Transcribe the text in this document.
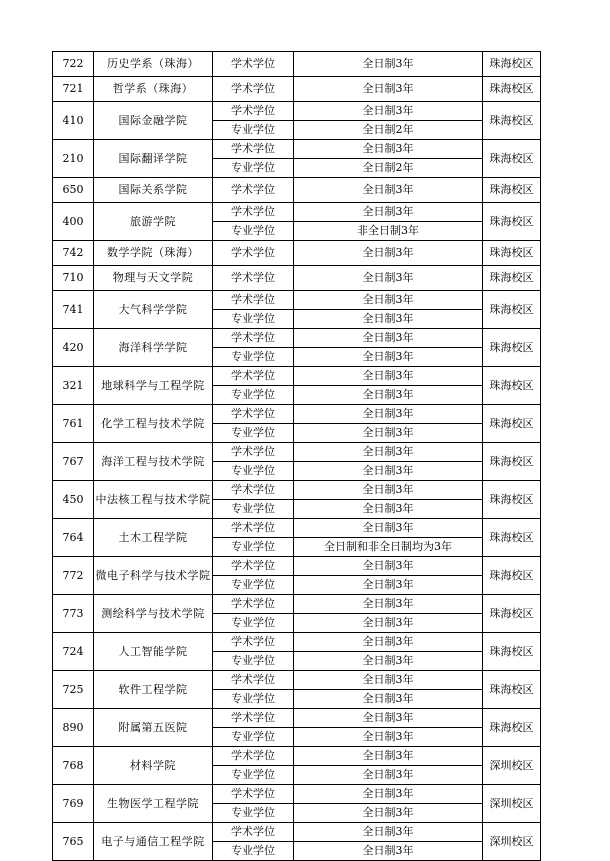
722	历史学系（珠海）	学术学位	全日制3年	珠海校区
721	哲学系（珠海）	学术学位	全日制3年	珠海校区
410	国际金融学院	学术学位	全日制3年	珠海校区
		专业学位	全日制2年	
210	国际翻译学院	学术学位	全日制3年	珠海校区
		专业学位	全日制2年	
650	国际关系学院	学术学位	全日制3年	珠海校区
400	旅游学院	学术学位	全日制3年	珠海校区
		专业学位	非全日制3年	
742	数学学院（珠海）	学术学位	全日制3年	珠海校区
710	物理与天文学院	学术学位	全日制3年	珠海校区
741	大气科学学院	学术学位	全日制3年	珠海校区
		专业学位	全日制3年	
420	海洋科学学院	学术学位	全日制3年	珠海校区
		专业学位	全日制3年	
321	地球科学与工程学院	学术学位	全日制3年	珠海校区
		专业学位	全日制3年	
761	化学工程与技术学院	学术学位	全日制3年	珠海校区
		专业学位	全日制3年	
767	海洋工程与技术学院	学术学位	全日制3年	珠海校区
		专业学位	全日制3年	
450	中法核工程与技术学院	学术学位	全日制3年	珠海校区
		专业学位	全日制3年	
764	土木工程学院	学术学位	全日制3年	珠海校区
		专业学位	全日制和非全日制均为3年	
772	微电子科学与技术学院	学术学位	全日制3年	珠海校区
		专业学位	全日制3年	
773	测绘科学与技术学院	学术学位	全日制3年	珠海校区
		专业学位	全日制3年	
724	人工智能学院	学术学位	全日制3年	珠海校区
		专业学位	全日制3年	
725	软件工程学院	学术学位	全日制3年	珠海校区
		专业学位	全日制3年	
890	附属第五医院	学术学位	全日制3年	珠海校区
		专业学位	全日制3年	
768	材料学院	学术学位	全日制3年	深圳校区
		专业学位	全日制3年	
769	生物医学工程学院	学术学位	全日制3年	深圳校区
		专业学位	全日制3年	
765	电子与通信工程学院	学术学位	全日制3年	深圳校区
		专业学位	全日制3年	
